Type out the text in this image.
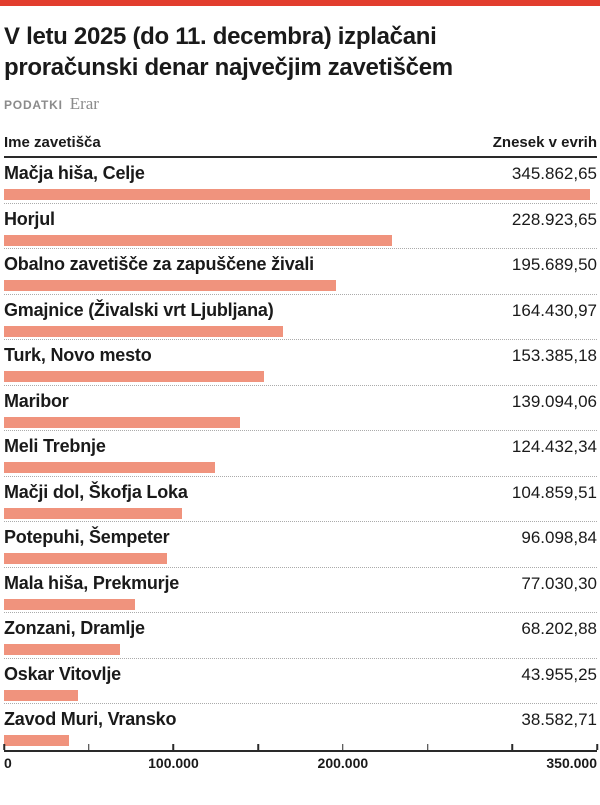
V letu 2025 (do 11. decembra) izplačani proračunski denar največjim zavetiščem
PODATKI Erar
Ime zavetišča	Znesek v evrih
Mačja hiša, Celje	345.862,65
Horjul	228.923,65
Obalno zavetišče za zapuščene živali	195.689,50
Gmajnice (Živalski vrt Ljubljana)	164.430,97
Turk, Novo mesto	153.385,18
Maribor	139.094,06
Meli Trebnje	124.432,34
Mačji dol, Škofja Loka	104.859,51
Potepuhi, Šempeter	96.098,84
Mala hiša, Prekmurje	77.030,30
Zonzani, Dramlje	68.202,88
Oskar Vitovlje	43.955,25
Zavod Muri, Vransko	38.582,71
0	100.000	200.000	350.000
